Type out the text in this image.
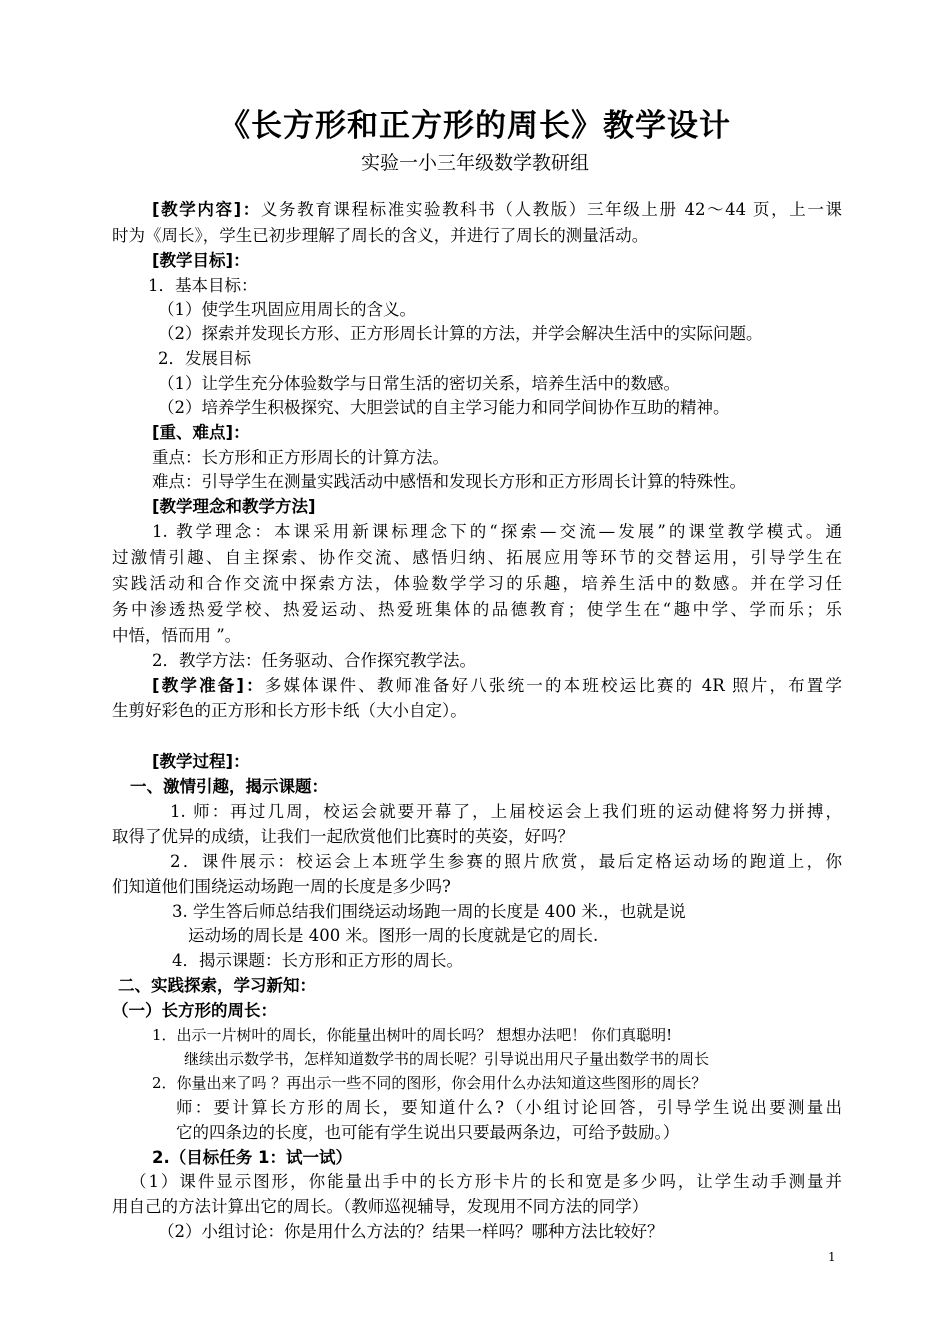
《长方形和正方形的周长》教学设计
实验一小三年级数学教研组
[教学内容]：义务教育课程标准实验教科书（人教版）三年级上册 42～44 页，上一课
时为《周长》，学生已初步理解了周长的含义，并进行了周长的测量活动。
[教学目标]：
1．基本目标：
（1）使学生巩固应用周长的含义。
（2）探索并发现长方形、正方形周长计算的方法，并学会解决生活中的实际问题。
2．发展目标
（1）让学生充分体验数学与日常生活的密切关系，培养生活中的数感。
（2）培养学生积极探究、大胆尝试的自主学习能力和同学间协作互助的精神。
[重、难点]：
重点：长方形和正方形周长的计算方法。
难点：引导学生在测量实践活动中感悟和发现长方形和正方形周长计算的特殊性。
[教学理念和教学方法]
1. 教学理念：本课采用新课标理念下的“探索—交流—发展”的课堂教学模式。通
过激情引趣、自主探索、协作交流、感悟归纳、拓展应用等环节的交替运用，引导学生在
实践活动和合作交流中探索方法，体验数学学习的乐趣，培养生活中的数感。并在学习任
务中渗透热爱学校、热爱运动、热爱班集体的品德教育；使学生在“趣中学、学而乐；乐
中悟，悟而用 ”。
2．教学方法：任务驱动、合作探究教学法。
[教学准备]：多媒体课件、教师准备好八张统一的本班校运比赛的 4R 照片，布置学
生剪好彩色的正方形和长方形卡纸（大小自定）。
[教学过程]：
一、激情引趣，揭示课题：
1. 师：再过几周，校运会就要开幕了，上届校运会上我们班的运动健将努力拼搏，
取得了优异的成绩，让我们一起欣赏他们比赛时的英姿，好吗？
2．课件展示：校运会上本班学生参赛的照片欣赏，最后定格运动场的跑道上，你
们知道他们围绕运动场跑一周的长度是多少吗?
3. 学生答后师总结我们围绕运动场跑一周的长度是 400 米.，也就是说
运动场的周长是 400 米。图形一周的长度就是它的周长.
4．揭示课题：长方形和正方形的周长。
二、实践探索，学习新知：
（一）长方形的周长：
1．出示一片树叶的周长，你能量出树叶的周长吗？ 想想办法吧！ 你们真聪明!
继续出示数学书，怎样知道数学书的周长呢？引导说出用尺子量出数学书的周长
2．你量出来了吗 ？再出示一些不同的图形，你会用什么办法知道这些图形的周长？
师：要计算长方形的周长，要知道什么?（小组讨论回答，引导学生说出要测量出
它的四条边的长度，也可能有学生说出只要最两条边，可给予鼓励。）
2.（目标任务 1：试一试）
（1）课件显示图形，你能量出手中的长方形卡片的长和宽是多少吗，让学生动手测量并
用自己的方法计算出它的周长。（教师巡视辅导，发现用不同方法的同学）
（2）小组讨论：你是用什么方法的？结果一样吗？哪种方法比较好？
1
